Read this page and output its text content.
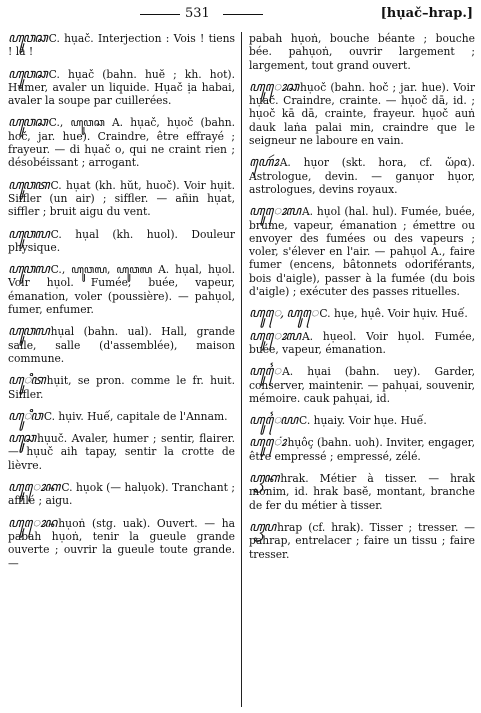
531	[hụač–hrap.]
ꦲꦸꦮꦕ C. hụač. Interjection : Vois ! tiens ! là !
ꦲꦸꦮꦕ C. hụač (bahn. huĕ ; kh. hot). Humer, avaler un liquide. Hụač ịa habai, avaler la soupe par cuillerées.
ꦲꦸꦮꦕ C., ꦲꦸꦮꦕ A. hụač, hụoč (bahn. hoč, jar. hue). Craindre, être effrayé ; frayeur. — di hụač o, qui ne craint rien ; désobéissant ; arrogant.
ꦲꦸꦮꦠ C. hụat (kh. hŭt, huoč). Voir hụit. Siffler (un air) ; siffler. — añin hụat, siffler ; bruit aigu du vent.
ꦲꦸꦮꦭ C. hụal (kh. huol). Douleur physique.
ꦲꦸꦮꦭ C., ꦲꦸꦮꦭ, ꦲꦸꦮꦭ A. hụal, hụol. Voir hụol. Fumée, buée, vapeur, émanation, voler (poussière). — pahụol, fumer, enfumer.
ꦲꦸꦮꦭ hụal (bahn. ual). Hall, grande salle, salle (d'assemblée), maison commune.
ꦲꦸꦶꦠ hụit, se pron. comme le fr. huit. Siffler.
ꦲꦸꦶꦮ C. hụiv. Huế, capitale de l'Annam.
ꦲꦸꦸꦕ hụuč. Avaler, humer ; sentir, flairer. — hụuč aih tapay, sentir la crotte de lièvre.
ꦲꦸꦺꦴꦏ C. hụok (— halụok). Tranchant ; affilé ; aigu.
ꦲꦸꦺꦴꦤ hụoṅ (stg. uak). Ouvert. — ha pabah hụoṅ, tenir la gueule grande ouverte ; ouvrir la gueule toute grande. —
pabah hụoṅ, bouche béante ; bouche bée. pahụoṅ, ouvrir largement ; largement, tout grand ouvert.
ꦲꦸꦺꦴꦕ hụoč (bahn. hoč ; jar. hue). Voir hụač. Craindre, crainte. — hụoč dā, id. ; hụoč kā dā, crainte, frayeur. hụoč auṅ dauk laṅa palai min, craindre que le seigneur ne laboure en vain.
ꦲꦺꦴꦂ A. hụor (skt. hora, cf. ὥρα). Astrologue, devin. — ganụor hụor, astrologues, devins royaux.
ꦲꦸꦺꦴꦭ A. hụol (hal. hul). Fumée, buée, brume, vapeur, émanation ; émettre ou envoyer des fumées ou des vapeurs ; voler, s'élever en l'air. — pahụol A., faire fumer (encens, bâtonnets odoriférants, bois d'aigle), passer à la fumée (du bois d'aigle) ; exécuter des passes rituelles.
ꦲꦸꦺ, ꦲꦸꦺ C. hụe, hụê. Voir hụiv. Huế.
ꦲꦸꦺꦴꦭ A. hụeol. Voir hụol. Fumée, buée, vapeur, émanation.
ꦲꦸꦻ A. hụai (bahn. uey). Garder, conserver, maintenir. — pahụai, souvenir, mémoire. cauk pahụai, id.
ꦲꦸꦻꦪ C. hụaiy. Voir hụe. Huế.
ꦲꦸꦺꦴꦁ hụôç (bahn. uoh). Inviter, engager, être empressé ; empressé, zélé.
ꦲꦽꦏ hrak. Métier à tisser. — hrak mơnim, id. hrak basĕ, montant, branche de fer du métier à tisser.
ꦲꦽꦥ hrap (cf. hrak). Tisser ; tresser. — pahrap, entrelacer ; faire un tissu ; faire tresser.
